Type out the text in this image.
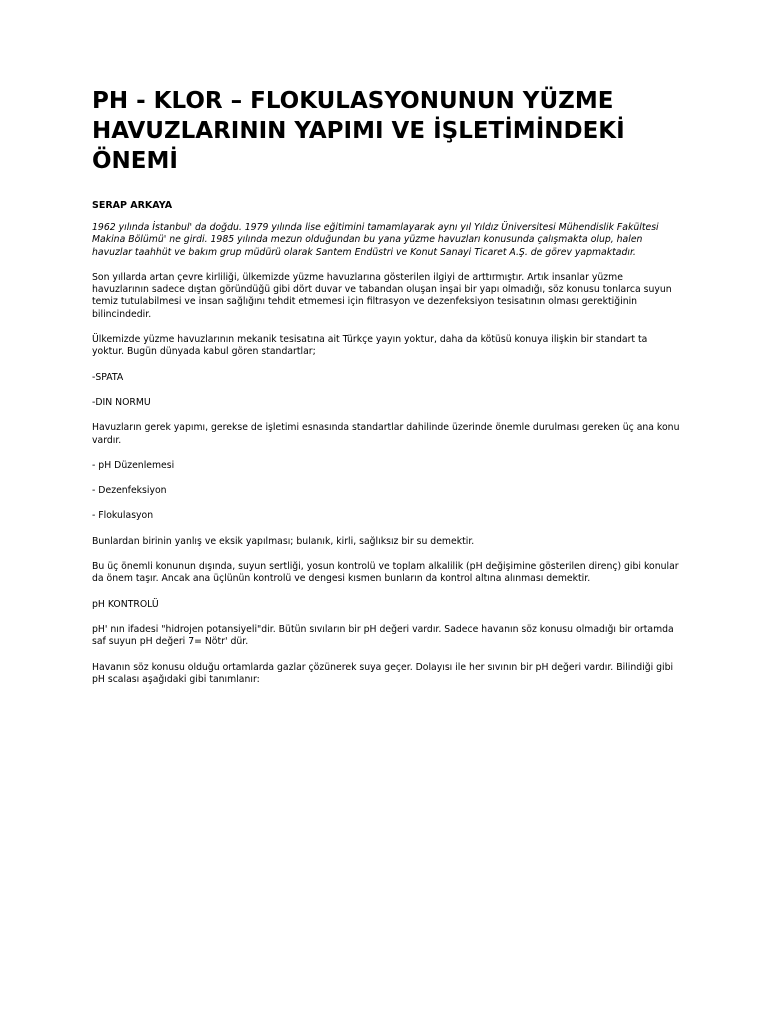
PH - KLOR – FLOKULASYONUNUN YÜZME HAVUZLARININ YAPIMI VE İŞLETİMİNDEKİ ÖNEMİ

SERAP ARKAYA

1962 yılında İstanbul' da doğdu. 1979 yılında lise eğitimini tamamlayarak aynı yıl Yıldız Üniversitesi Mühendislik Fakültesi Makina Bölümü' ne girdi. 1985 yılında mezun olduğundan bu yana yüzme havuzları konusunda çalışmakta olup, halen havuzlar taahhüt ve bakım grup müdürü olarak Santem Endüstri ve Konut Sanayi Ticaret A.Ş. de görev yapmaktadır.

Son yıllarda artan çevre kirliliği, ülkemizde yüzme havuzlarına gösterilen ilgiyi de arttırmıştır. Artık insanlar yüzme havuzlarının sadece dıştan göründüğü gibi dört duvar ve tabandan oluşan inşai bir yapı olmadığı, söz konusu tonlarca suyun temiz tutulabilmesi ve insan sağlığını tehdit etmemesi için filtrasyon ve dezenfeksiyon tesisatının olması gerektiğinin bilincindedir.

Ülkemizde yüzme havuzlarının mekanik tesisatına ait Türkçe yayın yoktur, daha da kötüsü konuya ilişkin bir standart ta yoktur. Bugün dünyada kabul gören standartlar;

-SPATA

-DIN NORMU

Havuzların gerek yapımı, gerekse de işletimi esnasında standartlar dahilinde üzerinde önemle durulması gereken üç ana konu vardır.

- pH Düzenlemesi

- Dezenfeksiyon

- Flokulasyon

Bunlardan birinin yanlış ve eksik yapılması; bulanık, kirli, sağlıksız bir su demektir.

Bu üç önemli konunun dışında, suyun sertliği, yosun kontrolü ve toplam alkalilik (pH değişimine gösterilen direnç) gibi konular da önem taşır. Ancak ana üçlünün kontrolü ve dengesi kısmen bunların da kontrol altına alınması demektir.

pH KONTROLÜ

pH' nın ifadesi "hidrojen potansiyeli"dir. Bütün sıvıların bir pH değeri vardır. Sadece havanın söz konusu olmadığı bir ortamda saf suyun pH değeri 7= Nötr' dür.

Havanın söz konusu olduğu ortamlarda gazlar çözünerek suya geçer. Dolayısı ile her sıvının bir pH değeri vardır. Bilindiği gibi pH scalası aşağıdaki gibi tanımlanır:
